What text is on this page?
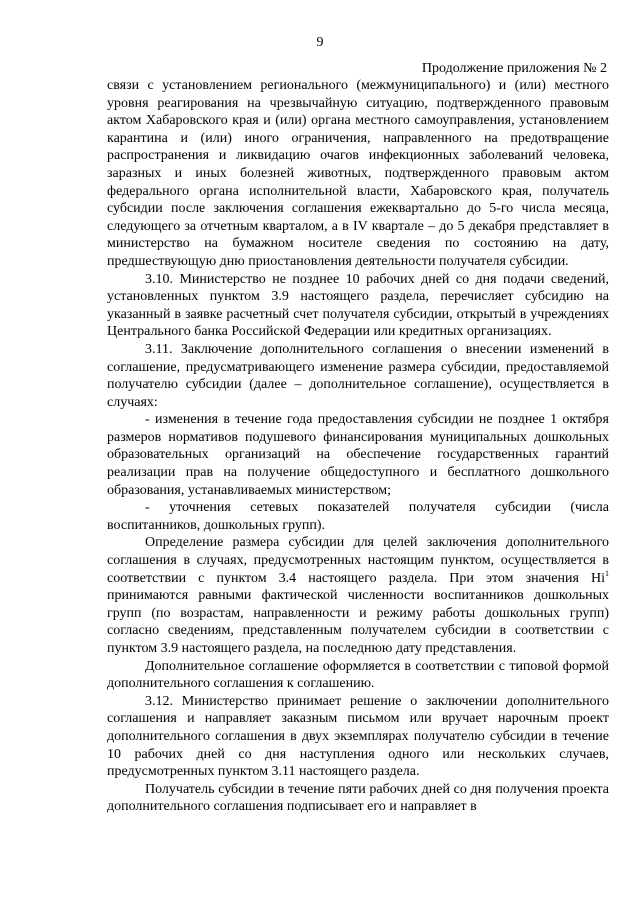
9
Продолжение приложения № 2

связи с установлением регионального (межмуниципального) и (или) местного уровня реагирования на чрезвычайную ситуацию, подтвержденного правовым актом Хабаровского края и (или) органа местного самоуправления, установлением карантина и (или) иного ограничения, направленного на предотвращение распространения и ликвидацию очагов инфекционных заболеваний человека, заразных и иных болезней животных, подтвержденного правовым актом федерального органа исполнительной власти, Хабаровского края, получатель субсидии после заключения соглашения ежеквартально до 5-го числа месяца, следующего за отчетным кварталом, а в IV квартале – до 5 декабря представляет в министерство на бумажном носителе сведения по состоянию на дату, предшествующую дню приостановления деятельности получателя субсидии.

3.10. Министерство не позднее 10 рабочих дней со дня подачи сведений, установленных пунктом 3.9 настоящего раздела, перечисляет субсидию на указанный в заявке расчетный счет получателя субсидии, открытый в учреждениях Центрального банка Российской Федерации или кредитных организациях.

3.11. Заключение дополнительного соглашения о внесении изменений в соглашение, предусматривающего изменение размера субсидии, предоставляемой получателю субсидии (далее – дополнительное соглашение), осуществляется в случаях:

- изменения в течение года предоставления субсидии не позднее 1 октября размеров нормативов подушевого финансирования муниципальных дошкольных образовательных организаций на обеспечение государственных гарантий реализации прав на получение общедоступного и бесплатного дошкольного образования, устанавливаемых министерством;

- уточнения сетевых показателей получателя субсидии (числа воспитанников, дошкольных групп).

Определение размера субсидии для целей заключения дополнительного соглашения в случаях, предусмотренных настоящим пунктом, осуществляется в соответствии с пунктом 3.4 настоящего раздела. При этом значения $Нi^1$ принимаются равными фактической численности воспитанников дошкольных групп (по возрастам, направленности и режиму работы дошкольных групп) согласно сведениям, представленным получателем субсидии в соответствии с пунктом 3.9 настоящего раздела, на последнюю дату представления.

Дополнительное соглашение оформляется в соответствии с типовой формой дополнительного соглашения к соглашению.

3.12. Министерство принимает решение о заключении дополнительного соглашения и направляет заказным письмом или вручает нарочным проект дополнительного соглашения в двух экземплярах получателю субсидии в течение 10 рабочих дней со дня наступления одного или нескольких случаев, предусмотренных пунктом 3.11 настоящего раздела.

Получатель субсидии в течение пяти рабочих дней со дня получения проекта дополнительного соглашения подписывает его и направляет в
